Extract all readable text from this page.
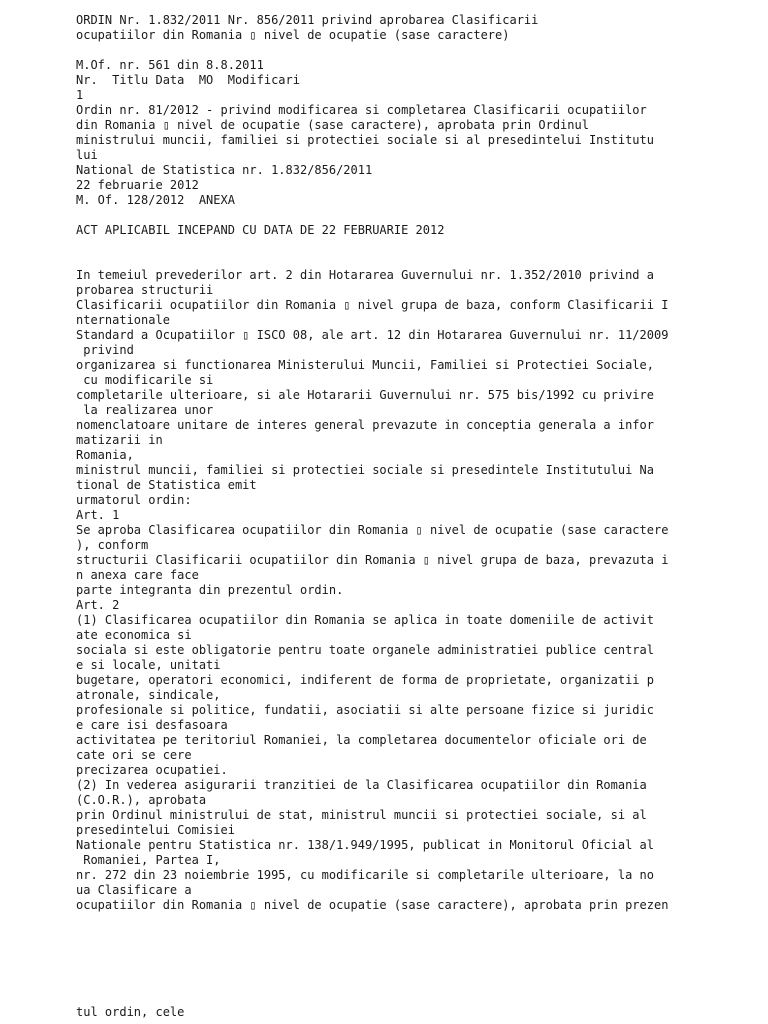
ORDIN Nr. 1.832/2011 Nr. 856/2011 privind aprobarea Clasificarii
ocupatiilor din Romania ▯ nivel de ocupatie (sase caractere)

M.Of. nr. 561 din 8.8.2011
Nr.  Titlu Data  MO  Modificari
1
Ordin nr. 81/2012 - privind modificarea si completarea Clasificarii ocupatiilor
din Romania ▯ nivel de ocupatie (sase caractere), aprobata prin Ordinul
ministrului muncii, familiei si protectiei sociale si al presedintelui Institutu
lui
National de Statistica nr. 1.832/856/2011
22 februarie 2012
M. Of. 128/2012  ANEXA

ACT APLICABIL INCEPAND CU DATA DE 22 FEBRUARIE 2012

In temeiul prevederilor art. 2 din Hotararea Guvernului nr. 1.352/2010 privind a
probarea structurii
Clasificarii ocupatiilor din Romania ▯ nivel grupa de baza, conform Clasificarii I
nternationale
Standard a Ocupatiilor ▯ ISCO 08, ale art. 12 din Hotararea Guvernului nr. 11/2009
privind
organizarea si functionarea Ministerului Muncii, Familiei si Protectiei Sociale,
cu modificarile si
completarile ulterioare, si ale Hotararii Guvernului nr. 575 bis/1992 cu privire
la realizarea unor
nomenclatoare unitare de interes general prevazute in conceptia generala a infor
matizarii in
Romania,
ministrul muncii, familiei si protectiei sociale si presedintele Institutului Na
tional de Statistica emit
urmatorul ordin:
Art. 1
Se aproba Clasificarea ocupatiilor din Romania ▯ nivel de ocupatie (sase caractere
), conform
structurii Clasificarii ocupatiilor din Romania ▯ nivel grupa de baza, prevazuta i
n anexa care face
parte integranta din prezentul ordin.
Art. 2
(1) Clasificarea ocupatiilor din Romania se aplica in toate domeniile de activit
ate economica si
sociala si este obligatorie pentru toate organele administratiei publice central
e si locale, unitati
bugetare, operatori economici, indiferent de forma de proprietate, organizatii p
atronale, sindicale,
profesionale si politice, fundatii, asociatii si alte persoane fizice si juridic
e care isi desfasoara
activitatea pe teritoriul Romaniei, la completarea documentelor oficiale ori de
cate ori se cere
precizarea ocupatiei.
(2) In vederea asigurarii tranzitiei de la Clasificarea ocupatiilor din Romania
(C.O.R.), aprobata
prin Ordinul ministrului de stat, ministrul muncii si protectiei sociale, si al
presedintelui Comisiei
Nationale pentru Statistica nr. 138/1.949/1995, publicat in Monitorul Oficial al
Romaniei, Partea I,
nr. 272 din 23 noiembrie 1995, cu modificarile si completarile ulterioare, la no
ua Clasificare a
ocupatiilor din Romania ▯ nivel de ocupatie (sase caractere), aprobata prin prezen
tul ordin, cele
